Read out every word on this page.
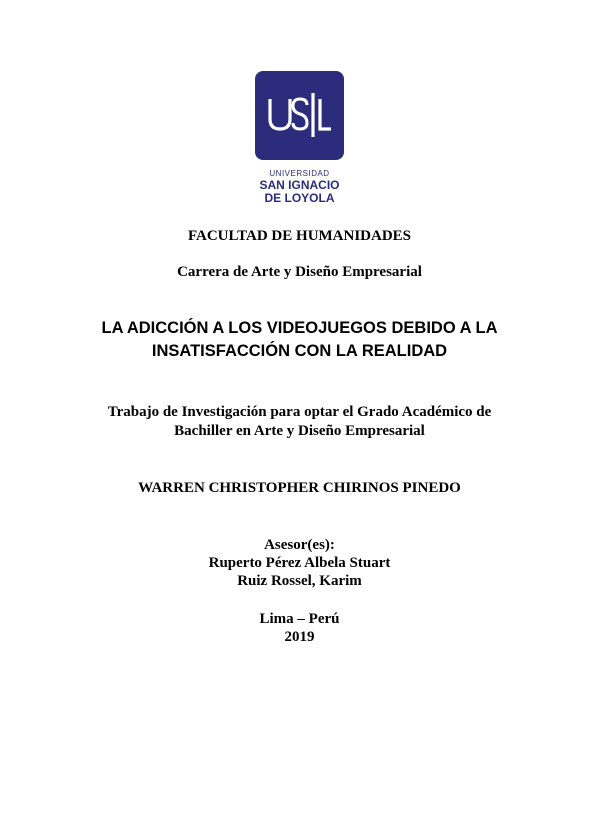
UNIVERSIDAD
SAN IGNACIO
DE LOYOLA
FACULTAD DE HUMANIDADES
Carrera de Arte y Diseño Empresarial
LA ADICCIÓN A LOS VIDEOJUEGOS DEBIDO A LA
INSATISFACCIÓN CON LA REALIDAD
Trabajo de Investigación para optar el Grado Académico de
Bachiller en Arte y Diseño Empresarial
WARREN CHRISTOPHER CHIRINOS PINEDO
Asesor(es):
Ruperto Pérez Albela Stuart
Ruiz Rossel, Karim
Lima – Perú
2019
